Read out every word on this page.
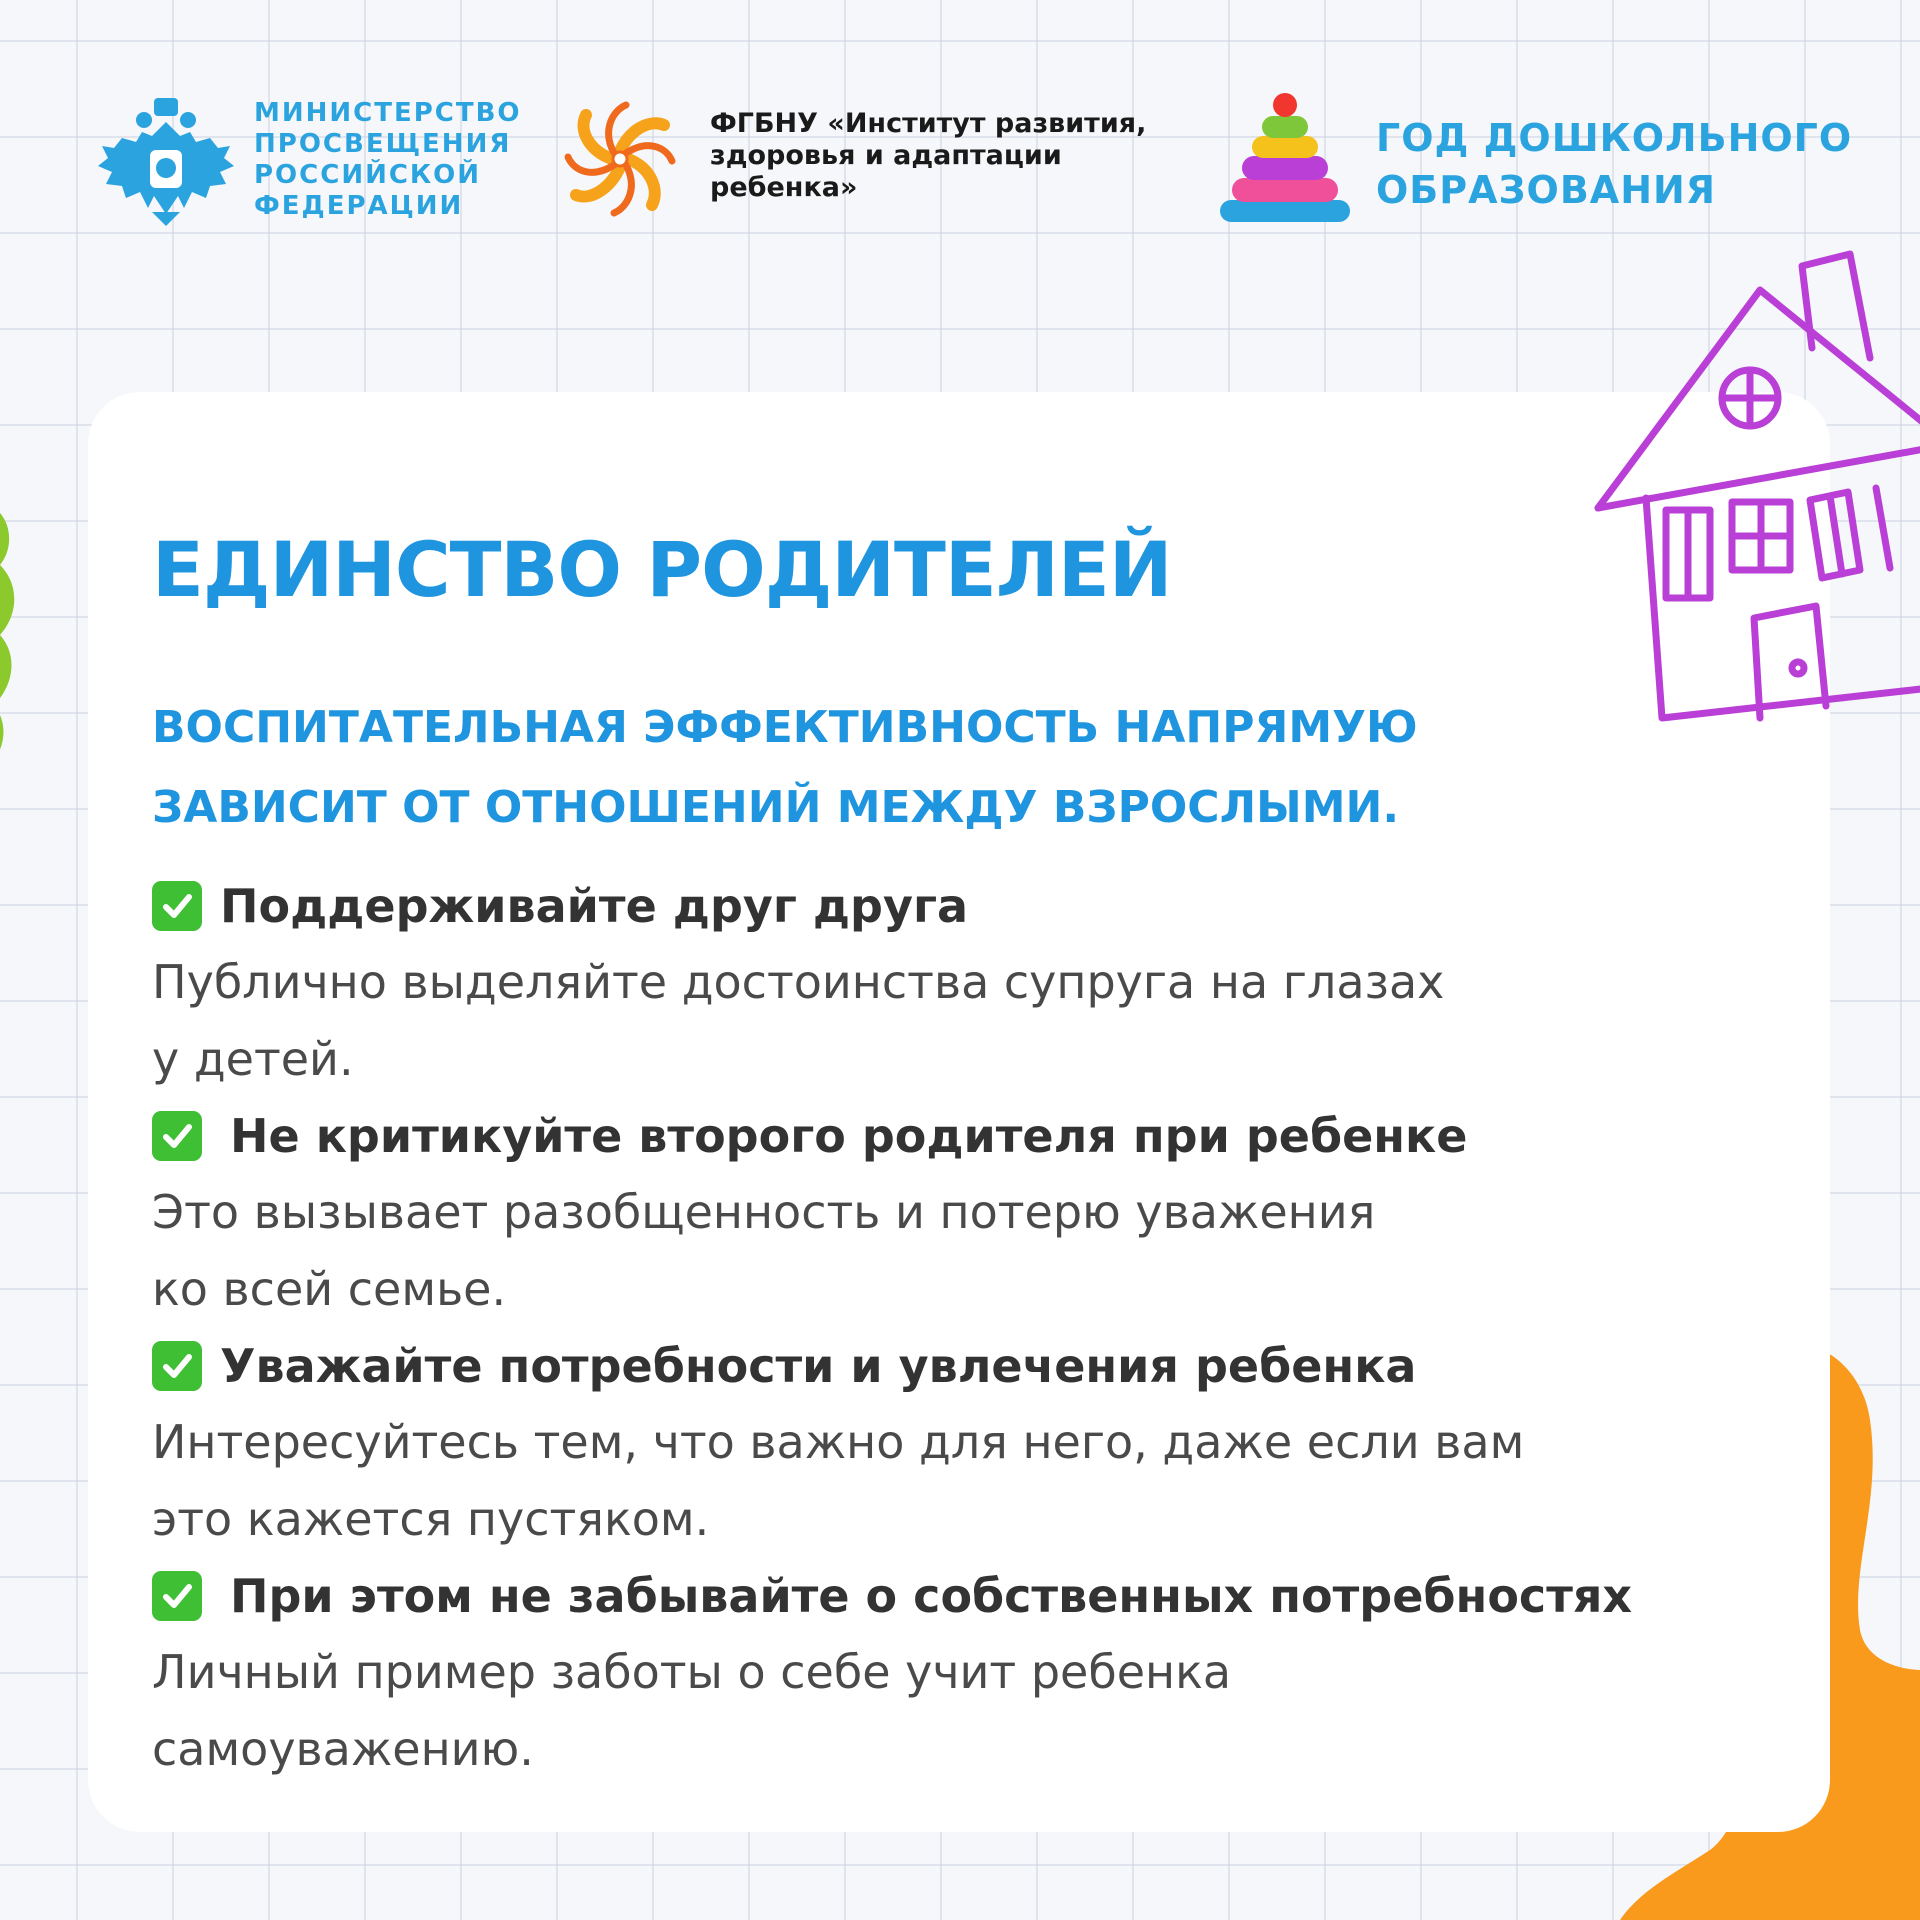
МИНИСТЕРСТВО
ПРОСВЕЩЕНИЯ
РОССИЙСКОЙ
ФЕДЕРАЦИИ
ФГБНУ «Институт развития,
здоровья и адаптации
ребенка»
ГОД ДОШКОЛЬНОГО
ОБРАЗОВАНИЯ
ЕДИНСТВО РОДИТЕЛЕЙ
ВОСПИТАТЕЛЬНАЯ ЭФФЕКТИВНОСТЬ НАПРЯМУЮ
ЗАВИСИТ ОТ ОТНОШЕНИЙ МЕЖДУ ВЗРОСЛЫМИ.
Поддерживайте друг друга
Публично выделяйте достоинства супруга на глазах
у детей.
Не критикуйте второго родителя при ребенке
Это вызывает разобщенность и потерю уважения
ко всей семье.
Уважайте потребности и увлечения ребенка
Интересуйтесь тем, что важно для него, даже если вам
это кажется пустяком.
При этом не забывайте о собственных потребностях
Личный пример заботы о себе учит ребенка
самоуважению.
